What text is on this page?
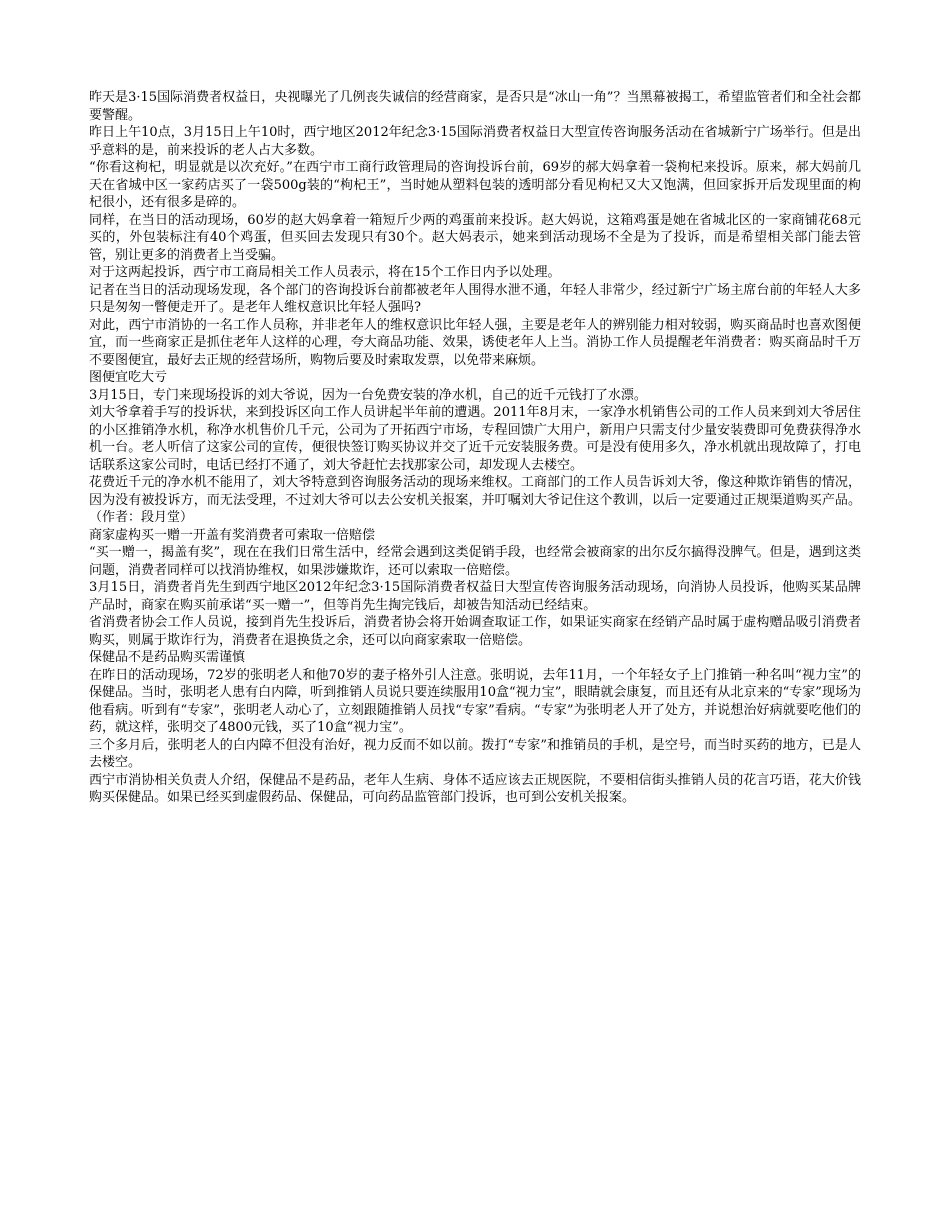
昨天是3·15国际消费者权益日，央视曝光了几例丧失诚信的经营商家，是否只是“冰山一角”？当黑幕被揭工，希望监管者们和全社会都要警醒。

昨日上午10点，3月15日上午10时，西宁地区2012年纪念3·15国际消费者权益日大型宣传咨询服务活动在省城新宁广场举行。但是出乎意料的是，前来投诉的老人占大多数。

“你看这枸杞，明显就是以次充好。”在西宁市工商行政管理局的咨询投诉台前，69岁的郝大妈拿着一袋枸杞来投诉。原来，郝大妈前几天在省城中区一家药店买了一袋500g装的“枸杞王”，当时她从塑料包装的透明部分看见枸杞又大又饱满，但回家拆开后发现里面的枸杞很小，还有很多是碎的。

同样，在当日的活动现场，60岁的赵大妈拿着一箱短斤少两的鸡蛋前来投诉。赵大妈说，这箱鸡蛋是她在省城北区的一家商铺花68元买的，外包装标注有40个鸡蛋，但买回去发现只有30个。赵大妈表示，她来到活动现场不全是为了投诉，而是希望相关部门能去管管，别让更多的消费者上当受骗。

对于这两起投诉，西宁市工商局相关工作人员表示，将在15个工作日内予以处理。

记者在当日的活动现场发现，各个部门的咨询投诉台前都被老年人围得水泄不通，年轻人非常少，经过新宁广场主席台前的年轻人大多只是匆匆一瞥便走开了。是老年人维权意识比年轻人强吗?

对此，西宁市消协的一名工作人员称，并非老年人的维权意识比年轻人强，主要是老年人的辨别能力相对较弱，购买商品时也喜欢图便宜，而一些商家正是抓住老年人这样的心理，夸大商品功能、效果，诱使老年人上当。消协工作人员提醒老年消费者：购买商品时千万不要图便宜，最好去正规的经营场所，购物后要及时索取发票，以免带来麻烦。

图便宜吃大亏

3月15日，专门来现场投诉的刘大爷说，因为一台免费安装的净水机，自己的近千元钱打了水漂。

刘大爷拿着手写的投诉状，来到投诉区向工作人员讲起半年前的遭遇。2011年8月末，一家净水机销售公司的工作人员来到刘大爷居住的小区推销净水机，称净水机售价几千元，公司为了开拓西宁市场，专程回馈广大用户，新用户只需支付少量安装费即可免费获得净水机一台。老人听信了这家公司的宣传，便很快签订购买协议并交了近千元安装服务费。可是没有使用多久，净水机就出现故障了，打电话联系这家公司时，电话已经打不通了，刘大爷赶忙去找那家公司，却发现人去楼空。

花费近千元的净水机不能用了，刘大爷特意到咨询服务活动的现场来维权。工商部门的工作人员告诉刘大爷，像这种欺诈销售的情况，因为没有被投诉方，而无法受理，不过刘大爷可以去公安机关报案，并叮嘱刘大爷记住这个教训，以后一定要通过正规渠道购买产品。（作者：段月堂）

商家虚构买一赠一开盖有奖消费者可索取一倍赔偿

“买一赠一，揭盖有奖”，现在在我们日常生活中，经常会遇到这类促销手段，也经常会被商家的出尔反尔搞得没脾气。但是，遇到这类问题，消费者同样可以找消协维权，如果涉嫌欺诈，还可以索取一倍赔偿。

3月15日，消费者肖先生到西宁地区2012年纪念3·15国际消费者权益日大型宣传咨询服务活动现场，向消协人员投诉，他购买某品牌产品时，商家在购买前承诺“买一赠一”，但等肖先生掏完钱后，却被告知活动已经结束。

省消费者协会工作人员说，接到肖先生投诉后，消费者协会将开始调查取证工作，如果证实商家在经销产品时属于虚构赠品吸引消费者购买，则属于欺诈行为，消费者在退换货之余，还可以向商家索取一倍赔偿。

保健品不是药品购买需谨慎

在昨日的活动现场，72岁的张明老人和他70岁的妻子格外引人注意。张明说，去年11月，一个年轻女子上门推销一种名叫“视力宝”的保健品。当时，张明老人患有白内障，听到推销人员说只要连续服用10盒“视力宝”，眼睛就会康复，而且还有从北京来的“专家”现场为他看病。听到有“专家”，张明老人动心了，立刻跟随推销人员找“专家”看病。“专家”为张明老人开了处方，并说想治好病就要吃他们的药，就这样，张明交了4800元钱，买了10盒“视力宝”。

三个多月后，张明老人的白内障不但没有治好，视力反而不如以前。拨打“专家”和推销员的手机，是空号，而当时买药的地方，已是人去楼空。

西宁市消协相关负责人介绍，保健品不是药品，老年人生病、身体不适应该去正规医院，不要相信街头推销人员的花言巧语，花大价钱购买保健品。如果已经买到虚假药品、保健品，可向药品监管部门投诉，也可到公安机关报案。
